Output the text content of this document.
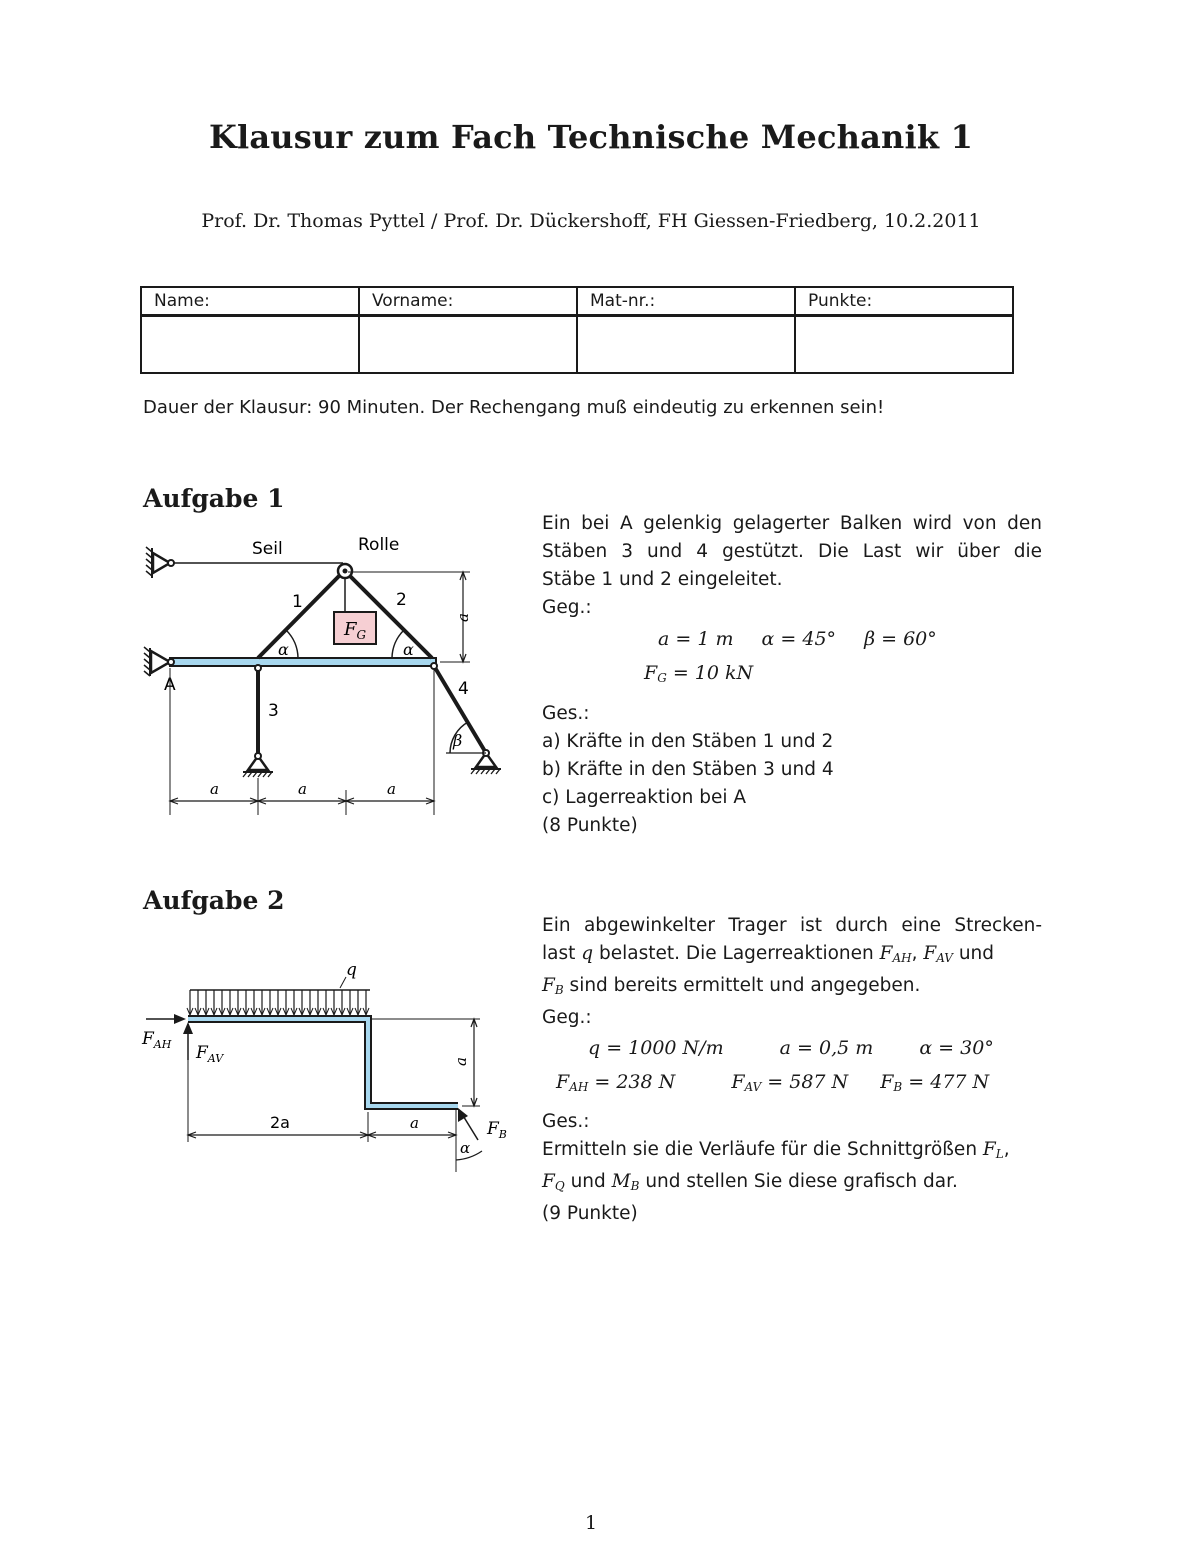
Klausur zum Fach Technische Mechanik 1
Prof. Dr. Thomas Pyttel / Prof. Dr. Dückershoff, FH Giessen-Friedberg, 10.2.2011
Name:	Vorname:	Mat-nr.:	Punkte:

Dauer der Klausur: 90 Minuten. Der Rechengang muß eindeutig zu erkennen sein!
Aufgabe 1
Seil	Rolle
A
1	2
$F_G$
α	α
3
4
β
a
a	a	a
Ein bei A gelenkig gelagerter Balken wird von den
Stäben 3 und 4 gestützt. Die Last wir über die
Stäbe 1 und 2 eingeleitet.
Geg.:
a = 1 m α = 45° β = 60°
$F_G = 10$ kN
Ges.:
a) Kräfte in den Stäben 1 und 2
b) Kräfte in den Stäben 3 und 4
c) Lagerreaktion bei A
(8 Punkte)
Aufgabe 2
q
$F_{AH}$ $F_{AV}$
$F_B$
α
a
2a	a
Ein abgewinkelter Trager ist durch eine Strecken-
last q belastet. Die Lagerreaktionen $F_{AH}$, $F_{AV}$ und
$F_B$ sind bereits ermittelt und angegeben.
Geg.:
q = 1000 N/m	a = 0,5 m α = 30°
$F_{AH} = 238$ N	$F_{AV} = 587$ N $F_B = 477$ N
Ges.:
Ermitteln sie die Verläufe für die Schnittgrößen $F_L$,
$F_Q$ und $M_B$ und stellen Sie diese grafisch dar.
(9 Punkte)
1
